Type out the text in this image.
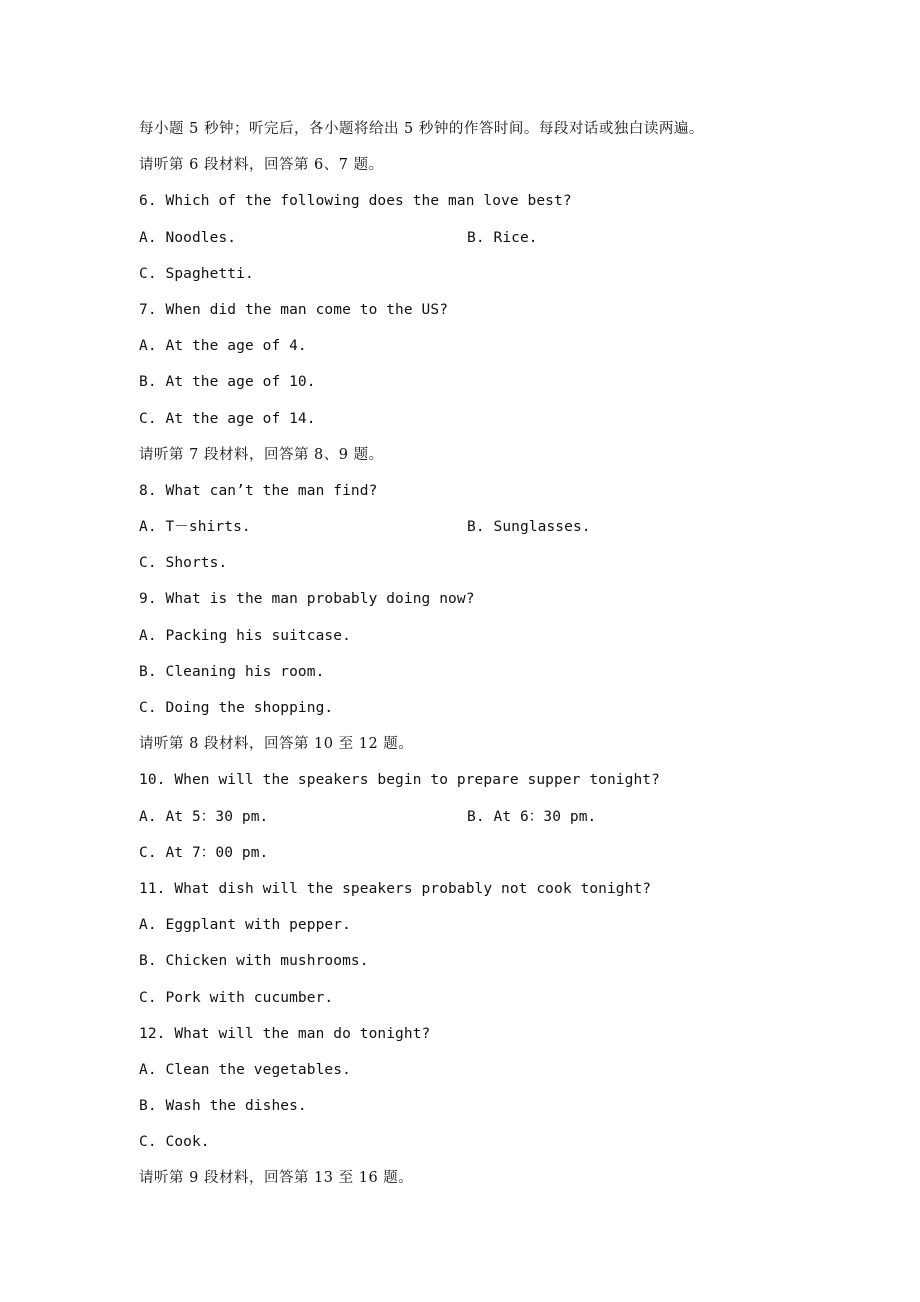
每小题 5 秒钟；听完后，各小题将给出 5 秒钟的作答时间。每段对话或独白读两遍。
请听第 6 段材料，回答第 6、7 题。
6. Which of the following does the man love best?
A. Noodles.	B. Rice.
C. Spaghetti.
7. When did the man come to the US?
A. At the age of 4.
B. At the age of 10.
C. At the age of 14.
请听第 7 段材料，回答第 8、9 题。
8. What can’t the man find?
A. T－shirts.	B. Sunglasses.
C. Shorts.
9. What is the man probably doing now?
A. Packing his suitcase.
B. Cleaning his room.
C. Doing the shopping.
请听第 8 段材料，回答第 10 至 12 题。
10. When will the speakers begin to prepare supper tonight?
A. At 5：30 pm.	B. At 6：30 pm.
C. At 7：00 pm.
11. What dish will the speakers probably not cook tonight?
A. Eggplant with pepper.
B. Chicken with mushrooms.
C. Pork with cucumber.
12. What will the man do tonight?
A. Clean the vegetables.
B. Wash the dishes.
C. Cook.
请听第 9 段材料，回答第 13 至 16 题。
